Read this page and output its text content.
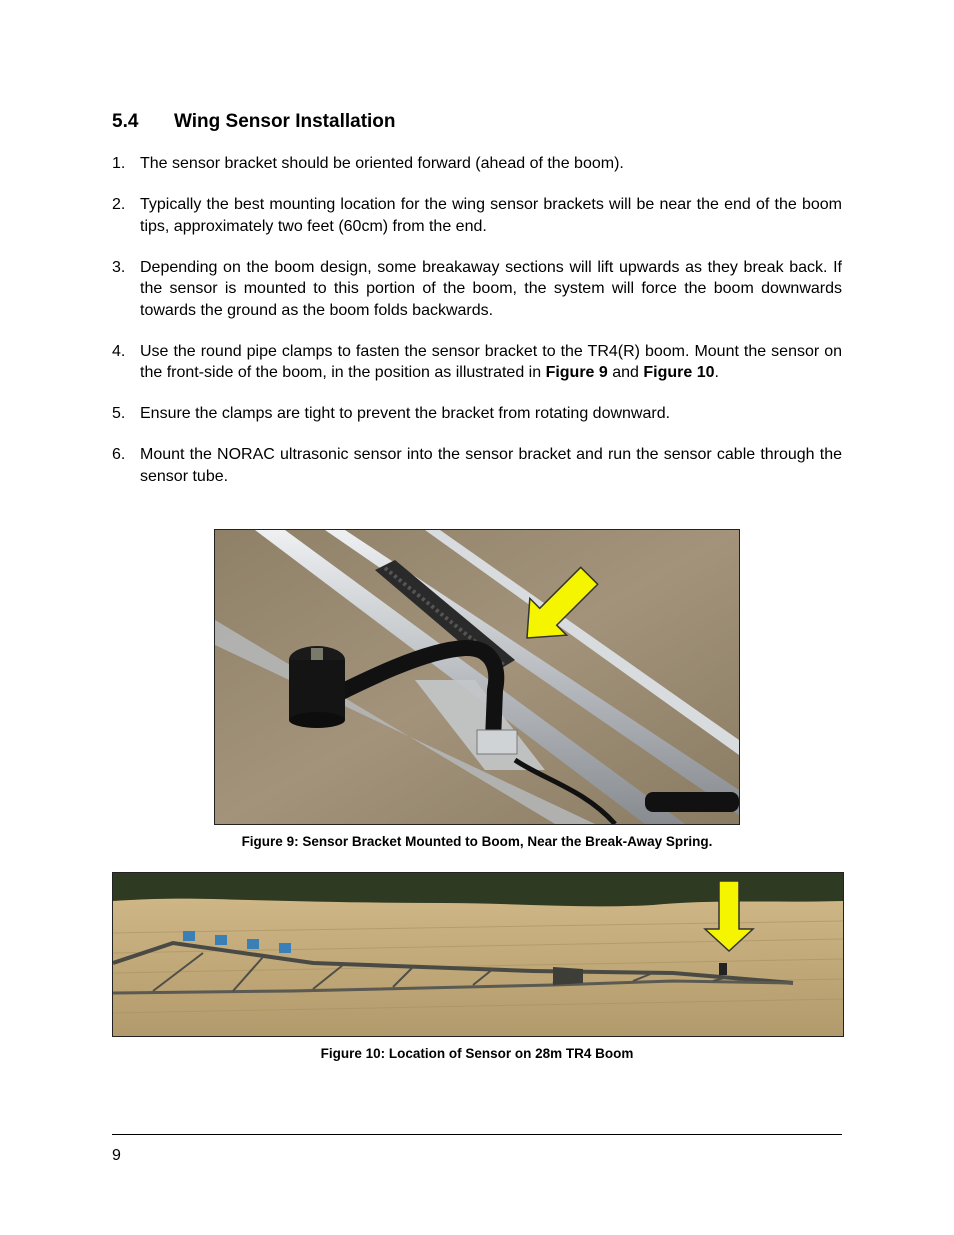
5.4 Wing Sensor Installation
1. The sensor bracket should be oriented forward (ahead of the boom).
2. Typically the best mounting location for the wing sensor brackets will be near the end of the boom tips, approximately two feet (60cm) from the end.
3. Depending on the boom design, some breakaway sections will lift upwards as they break back. If the sensor is mounted to this portion of the boom, the system will force the boom downwards towards the ground as the boom folds backwards.
4. Use the round pipe clamps to fasten the sensor bracket to the TR4(R) boom. Mount the sensor on the front-side of the boom, in the position as illustrated in Figure 9 and Figure 10.
5. Ensure the clamps are tight to prevent the bracket from rotating downward.
6. Mount the NORAC ultrasonic sensor into the sensor bracket and run the sensor cable through the sensor tube.
Figure 9: Sensor Bracket Mounted to Boom, Near the Break-Away Spring.
Figure 10: Location of Sensor on 28m TR4 Boom
9
